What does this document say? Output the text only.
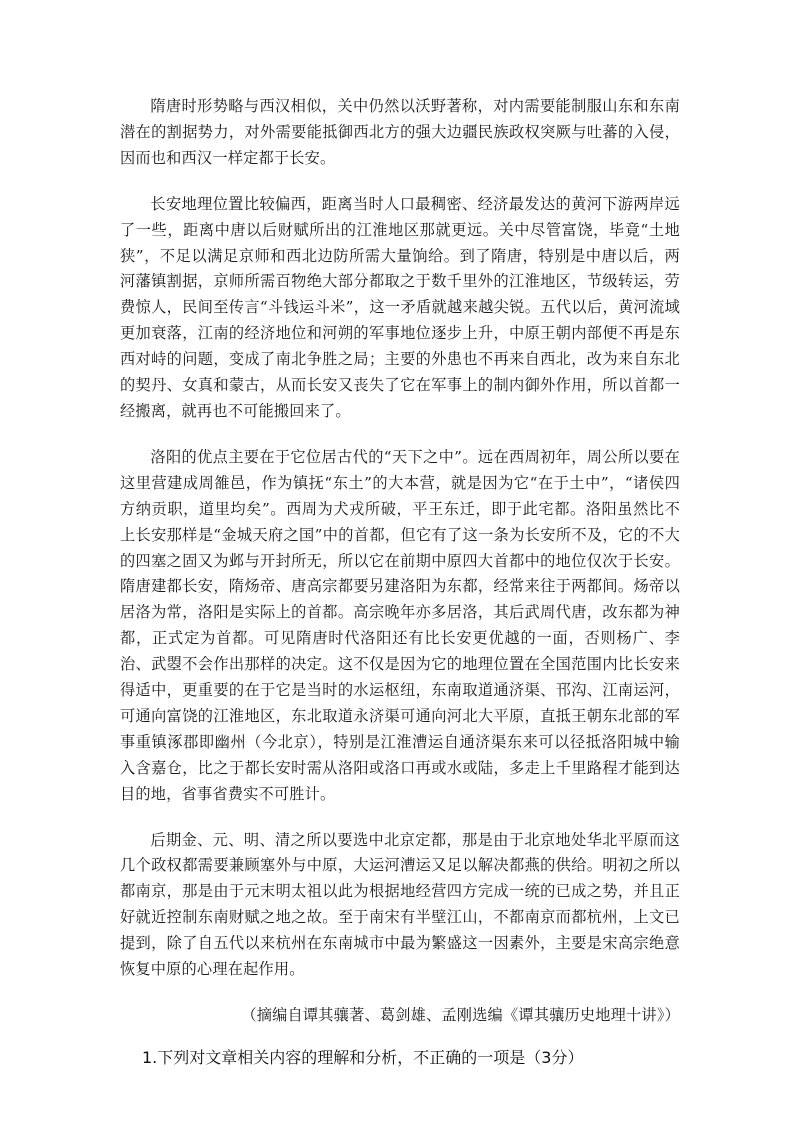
隋唐时形势略与西汉相似，关中仍然以沃野著称，对内需要能制服山东和东南潜在的割据势力，对外需要能抵御西北方的强大边疆民族政权突厥与吐蕃的入侵，因而也和西汉一样定都于长安。

长安地理位置比较偏西，距离当时人口最稠密、经济最发达的黄河下游两岸远了一些，距离中唐以后财赋所出的江淮地区那就更远。关中尽管富饶，毕竟“土地狭”，不足以满足京师和西北边防所需大量饷给。到了隋唐，特别是中唐以后，两河藩镇割据，京师所需百物绝大部分都取之于数千里外的江淮地区，节级转运，劳费惊人，民间至传言“斗钱运斗米”，这一矛盾就越来越尖锐。五代以后，黄河流域更加衰落，江南的经济地位和河朔的军事地位逐步上升，中原王朝内部便不再是东西对峙的问题，变成了南北争胜之局；主要的外患也不再来自西北，改为来自东北的契丹、女真和蒙古，从而长安又丧失了它在军事上的制内御外作用，所以首都一经搬离，就再也不可能搬回来了。

洛阳的优点主要在于它位居古代的“天下之中”。远在西周初年，周公所以要在这里营建成周雒邑，作为镇抚“东土”的大本营，就是因为它“在于土中”，“诸侯四方纳贡职，道里均矣”。西周为犬戎所破，平王东迁，即于此宅都。洛阳虽然比不上长安那样是“金城天府之国”中的首都，但它有了这一条为长安所不及，它的不大的四塞之固又为邺与开封所无，所以它在前期中原四大首都中的地位仅次于长安。隋唐建都长安，隋炀帝、唐高宗都要另建洛阳为东都，经常来往于两都间。炀帝以居洛为常，洛阳是实际上的首都。高宗晚年亦多居洛，其后武周代唐，改东都为神都，正式定为首都。可见隋唐时代洛阳还有比长安更优越的一面，否则杨广、李治、武曌不会作出那样的决定。这不仅是因为它的地理位置在全国范围内比长安来得适中，更重要的在于它是当时的水运枢纽，东南取道通济渠、邗沟、江南运河，可通向富饶的江淮地区，东北取道永济渠可通向河北大平原，直抵王朝东北部的军事重镇涿郡即幽州（今北京），特别是江淮漕运自通济渠东来可以径抵洛阳城中输入含嘉仓，比之于都长安时需从洛阳或洛口再或水或陆，多走上千里路程才能到达目的地，省事省费实不可胜计。

后期金、元、明、清之所以要选中北京定都，那是由于北京地处华北平原而这几个政权都需要兼顾塞外与中原，大运河漕运又足以解决都燕的供给。明初之所以都南京，那是由于元末明太祖以此为根据地经营四方完成一统的已成之势，并且正好就近控制东南财赋之地之故。至于南宋有半壁江山，不都南京而都杭州，上文已提到，除了自五代以来杭州在东南城市中最为繁盛这一因素外，主要是宋高宗绝意恢复中原的心理在起作用。

（摘编自谭其骧著、葛剑雄、孟刚选编《谭其骧历史地理十讲》）

1.下列对文章相关内容的理解和分析，不正确的一项是（3分）
